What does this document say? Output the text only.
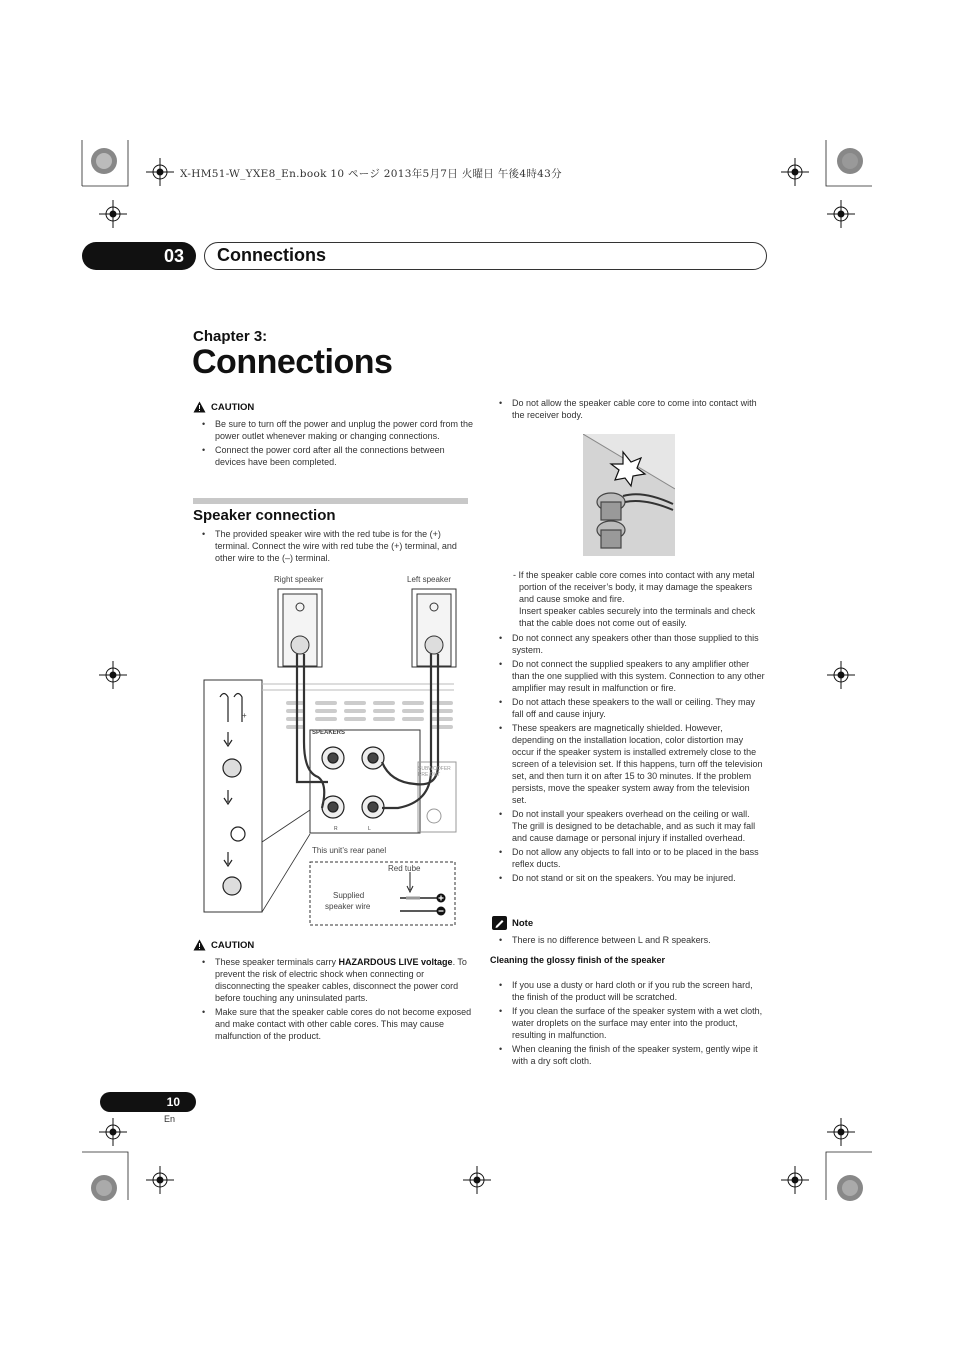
X-HM51-W_YXE8_En.book 10 ページ 2013年5月7日 火曜日 午後4時43分
03	Connections
Chapter 3:
Connections
CAUTION
• Be sure to turn off the power and unplug the power cord from the power outlet whenever making or changing connections.
• Connect the power cord after all the connections between devices have been completed.
Speaker connection
• The provided speaker wire with the red tube is for the (+) terminal. Connect the wire with red tube the (+) terminal, and other wire to the (–) terminal.
Right speaker	Left speaker
SPEAKERS
R	L
+
SUBWOOFER PRE OUT
This unit’s rear panel
Red tube
Supplied
speaker wire
CAUTION
• These speaker terminals carry HAZARDOUS LIVE voltage. To prevent the risk of electric shock when connecting or disconnecting the speaker cables, disconnect the power cord before touching any uninsulated parts.
• Make sure that the speaker cable cores do not become exposed and make contact with other cable cores. This may cause malfunction of the product.
• Do not allow the speaker cable core to come into contact with the receiver body.
- If the speaker cable core comes into contact with any metal portion of the receiver’s body, it may damage the speakers and cause smoke and fire.
Insert speaker cables securely into the terminals and check that the cable does not come out of easily.
• Do not connect any speakers other than those supplied to this system.
• Do not connect the supplied speakers to any amplifier other than the one supplied with this system. Connection to any other amplifier may result in malfunction or fire.
• Do not attach these speakers to the wall or ceiling. They may fall off and cause injury.
• These speakers are magnetically shielded. However, depending on the installation location, color distortion may occur if the speaker system is installed extremely close to the screen of a television set. If this happens, turn off the television set, and then turn it on after 15 to 30 minutes. If the problem persists, move the speaker system away from the television set.
• Do not install your speakers overhead on the ceiling or wall. The grill is designed to be detachable, and as such it may fall and cause damage or personal injury if installed overhead.
• Do not allow any objects to fall into or to be placed in the bass reflex ducts.
• Do not stand or sit on the speakers. You may be injured.
Note
• There is no difference between L and R speakers.
Cleaning the glossy finish of the speaker
• If you use a dusty or hard cloth or if you rub the screen hard, the finish of the product will be scratched.
• If you clean the surface of the speaker system with a wet cloth, water droplets on the surface may enter into the product, resulting in malfunction.
• When cleaning the finish of the speaker system, gently wipe it with a dry soft cloth.
10
En
